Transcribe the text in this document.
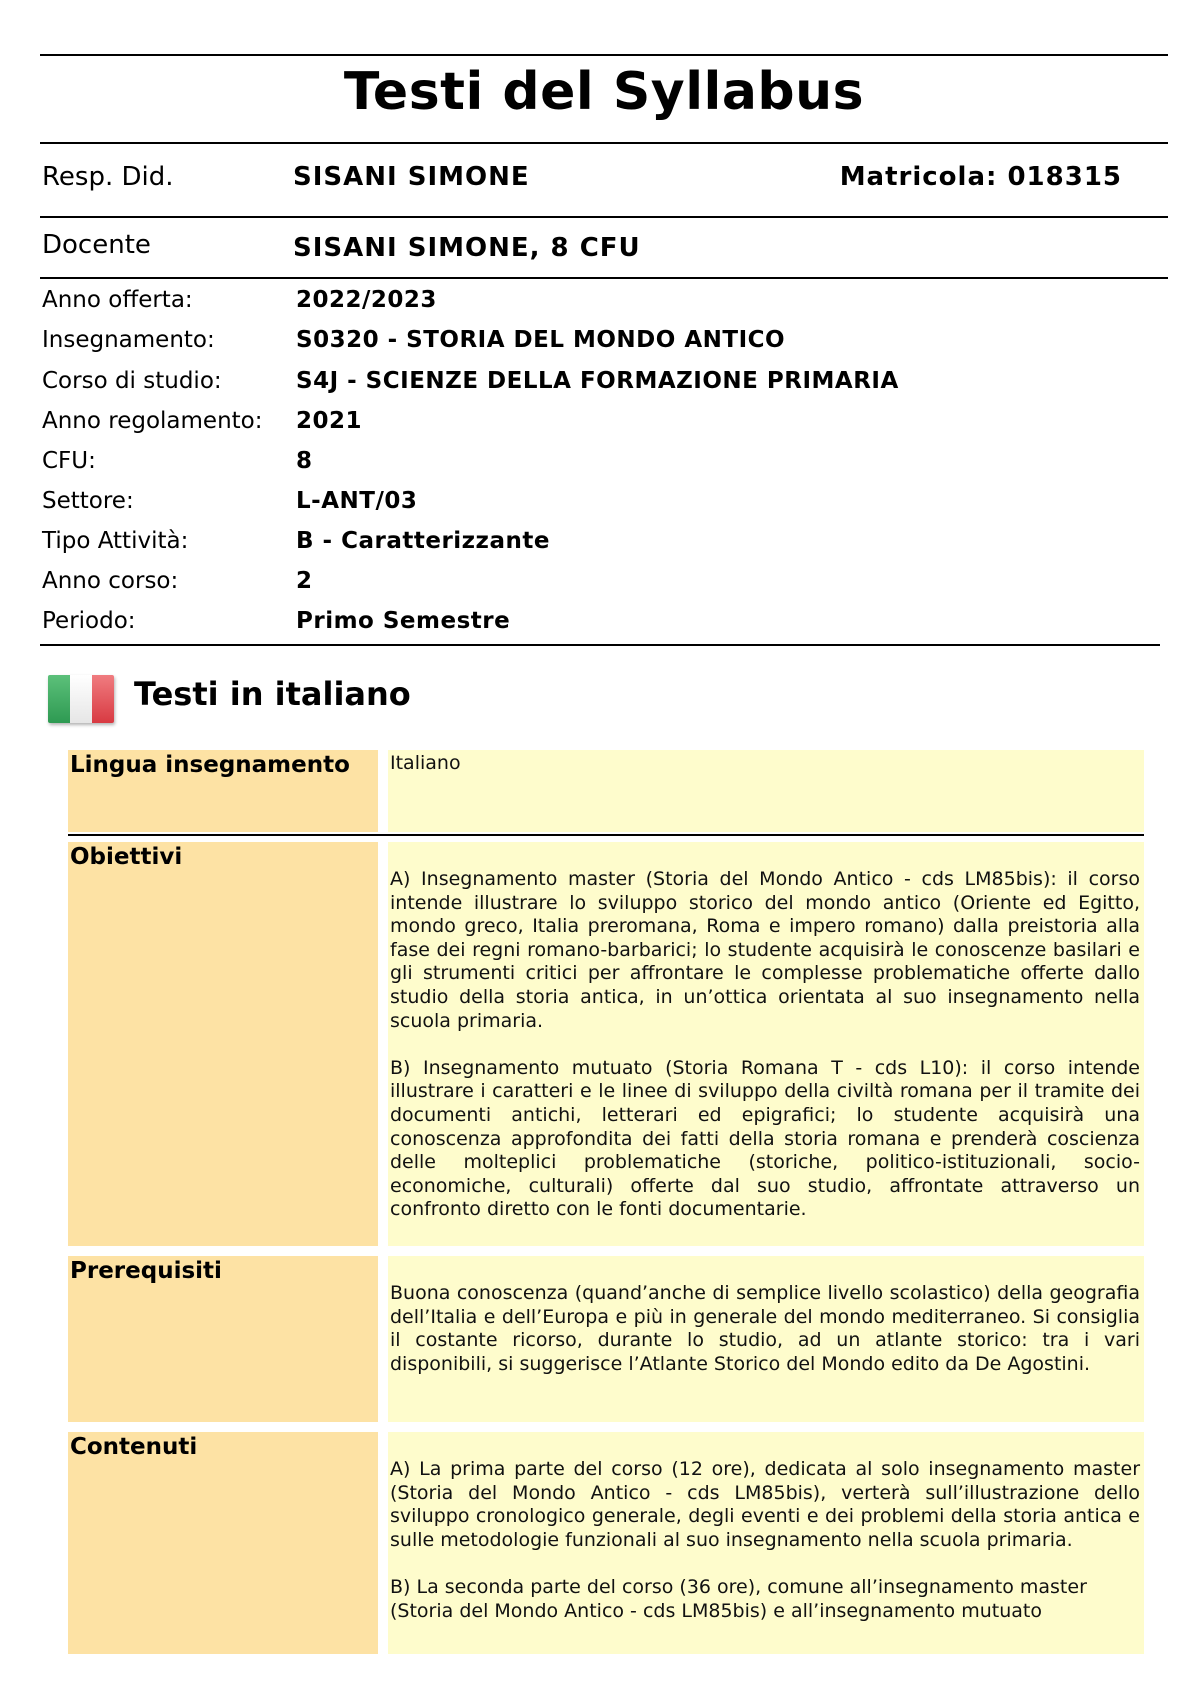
Testi del Syllabus
Resp. Did.	SISANI SIMONE	Matricola: 018315
Docente	SISANI SIMONE, 8 CFU
Anno offerta:	2022/2023
Insegnamento:	S0320 - STORIA DEL MONDO ANTICO
Corso di studio:	S4J - SCIENZE DELLA FORMAZIONE PRIMARIA
Anno regolamento: 2021
CFU:	8
Settore:	L-ANT/03
Tipo Attività:	B - Caratterizzante
Anno corso:	2
Periodo:	Primo Semestre
Testi in italiano
Lingua insegnamento	Italiano

Obiettivi

A) Insegnamento master (Storia del Mondo Antico - cds LM85bis): il corso intende illustrare lo sviluppo storico del mondo antico (Oriente ed Egitto, mondo greco, Italia preromana, Roma e impero romano) dalla preistoria alla fase dei regni romano-barbarici; lo studente acquisirà le conoscenze basilari e gli strumenti critici per affrontare le complesse problematiche offerte dallo studio della storia antica, in un’ottica orientata al suo insegnamento nella scuola primaria.

B) Insegnamento mutuato (Storia Romana T - cds L10): il corso intende illustrare i caratteri e le linee di sviluppo della civiltà romana per il tramite dei documenti antichi, letterari ed epigrafici; lo studente acquisirà una conoscenza approfondita dei fatti della storia romana e prenderà coscienza delle molteplici problematiche (storiche, politico-istituzionali, socio-economiche, culturali) offerte dal suo studio, affrontate attraverso un confronto diretto con le fonti documentarie.

Prerequisiti

Buona conoscenza (quand’anche di semplice livello scolastico) della geografia dell’Italia e dell’Europa e più in generale del mondo mediterraneo. Si consiglia il costante ricorso, durante lo studio, ad un atlante storico: tra i vari disponibili, si suggerisce l’Atlante Storico del Mondo edito da De Agostini.

Contenuti

A) La prima parte del corso (12 ore), dedicata al solo insegnamento master (Storia del Mondo Antico - cds LM85bis), verterà sull’illustrazione dello sviluppo cronologico generale, degli eventi e dei problemi della storia antica e sulle metodologie funzionali al suo insegnamento nella scuola primaria.

B) La seconda parte del corso (36 ore), comune all’insegnamento master (Storia del Mondo Antico - cds LM85bis) e all’insegnamento mutuato
